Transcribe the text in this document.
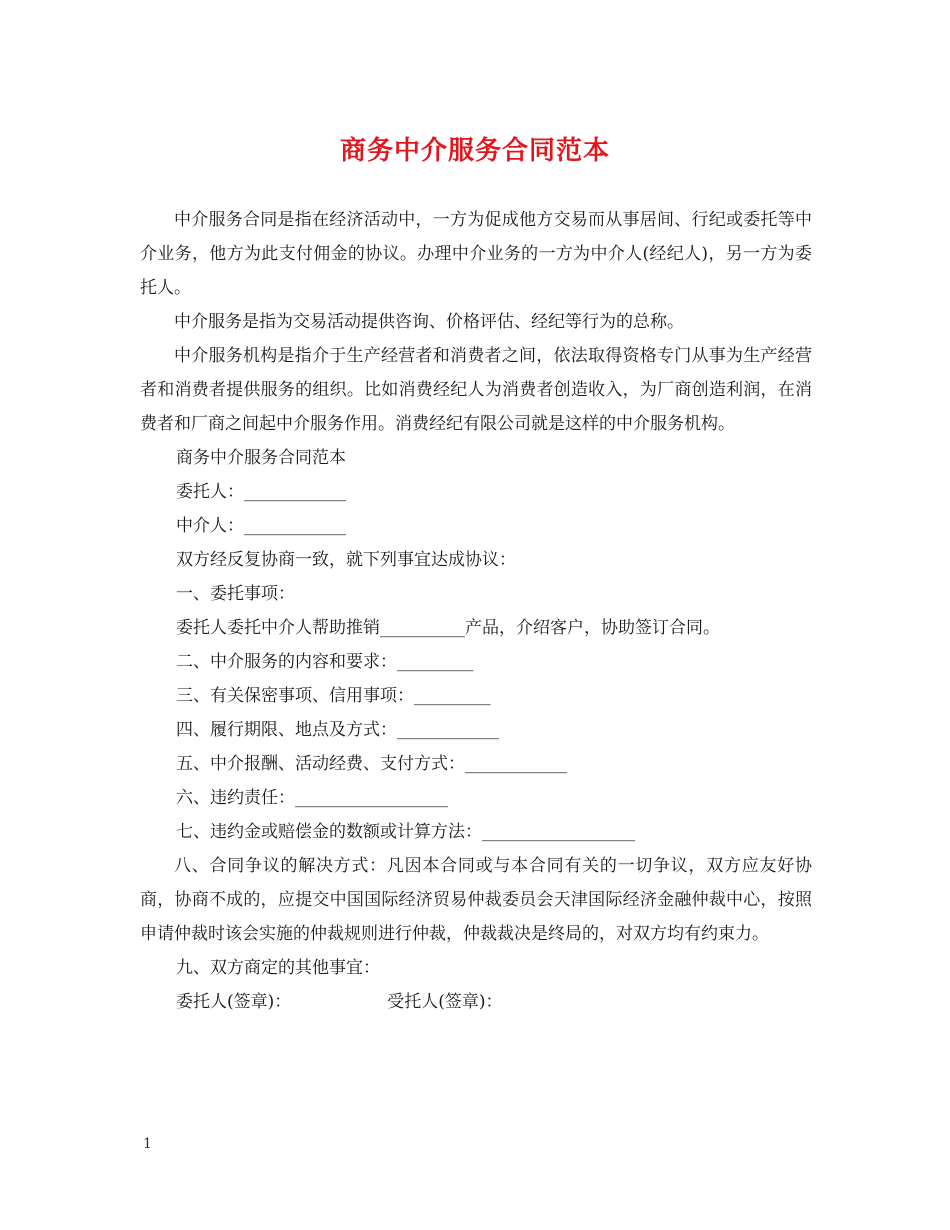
商务中介服务合同范本

中介服务合同是指在经济活动中，一方为促成他方交易而从事居间、行纪或委托等中介业务，他方为此支付佣金的协议。办理中介业务的一方为中介人(经纪人)，另一方为委托人。

中介服务是指为交易活动提供咨询、价格评估、经纪等行为的总称。

中介服务机构是指介于生产经营者和消费者之间，依法取得资格专门从事为生产经营者和消费者提供服务的组织。比如消费经纪人为消费者创造收入，为厂商创造利润，在消费者和厂商之间起中介服务作用。消费经纪有限公司就是这样的中介服务机构。

商务中介服务合同范本

委托人：____________

中介人：____________

双方经反复协商一致，就下列事宜达成协议：

一、委托事项：

委托人委托中介人帮助推销__________产品，介绍客户，协助签订合同。

二、中介服务的内容和要求：_________

三、有关保密事项、信用事项：_________

四、履行期限、地点及方式：____________

五、中介报酬、活动经费、支付方式：____________

六、违约责任：__________________

七、违约金或赔偿金的数额或计算方法：__________________

八、合同争议的解决方式：凡因本合同或与本合同有关的一切争议，双方应友好协商，协商不成的，应提交中国国际经济贸易仲裁委员会天津国际经济金融仲裁中心，按照申请仲裁时该会实施的仲裁规则进行仲裁，仲裁裁决是终局的，对双方均有约束力。

九、双方商定的其他事宜：

委托人(签章)：	受托人(签章)：

1
